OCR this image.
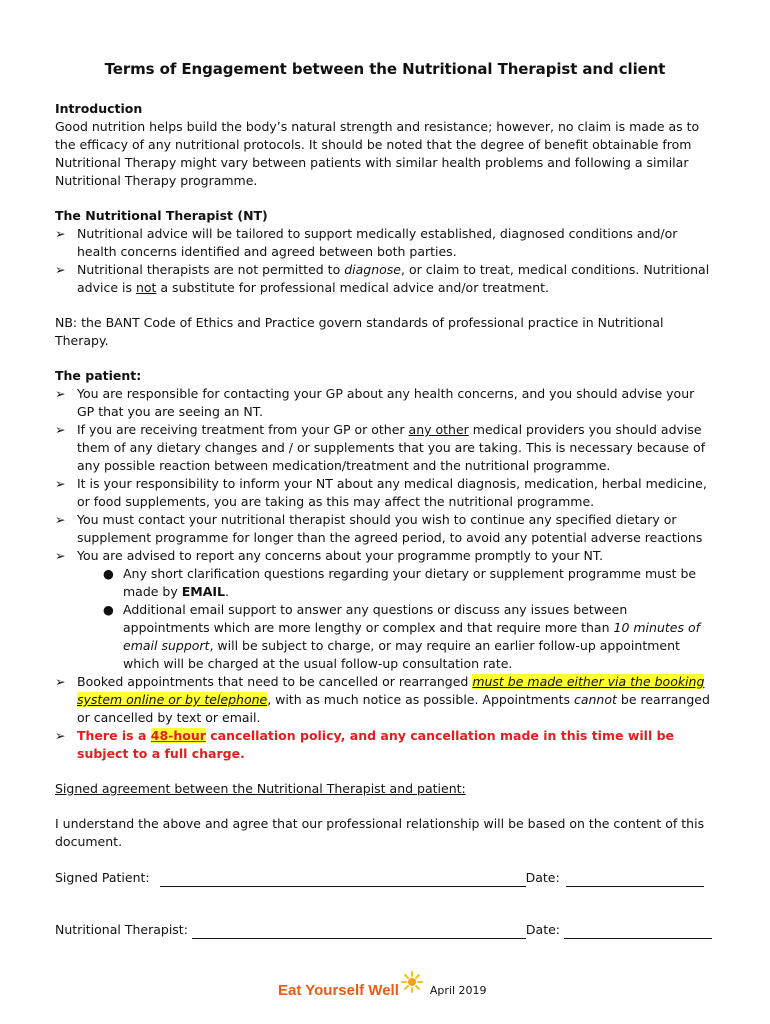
Terms of Engagement between the Nutritional Therapist and client

Introduction

Good nutrition helps build the body’s natural strength and resistance; however, no claim is made as to the efficacy of any nutritional protocols. It should be noted that the degree of benefit obtainable from Nutritional Therapy might vary between patients with similar health problems and following a similar Nutritional Therapy programme.

The Nutritional Therapist (NT)

➢ Nutritional advice will be tailored to support medically established, diagnosed conditions and/or health concerns identified and agreed between both parties.
➢ Nutritional therapists are not permitted to diagnose, or claim to treat, medical conditions. Nutritional advice is not a substitute for professional medical advice and/or treatment.

NB: the BANT Code of Ethics and Practice govern standards of professional practice in Nutritional Therapy.

The patient:

➢ You are responsible for contacting your GP about any health concerns, and you should advise your GP that you are seeing an NT.
➢ If you are receiving treatment from your GP or other any other medical providers you should advise them of any dietary changes and / or supplements that you are taking. This is necessary because of any possible reaction between medication/treatment and the nutritional programme.
➢ It is your responsibility to inform your NT about any medical diagnosis, medication, herbal medicine, or food supplements, you are taking as this may affect the nutritional programme.
➢ You must contact your nutritional therapist should you wish to continue any specified dietary or supplement programme for longer than the agreed period, to avoid any potential adverse reactions
➢ You are advised to report any concerns about your programme promptly to your NT.
● Any short clarification questions regarding your dietary or supplement programme must be made by EMAIL.
● Additional email support to answer any questions or discuss any issues between appointments which are more lengthy or complex and that require more than 10 minutes of email support, will be subject to charge, or may require an earlier follow-up appointment which will be charged at the usual follow-up consultation rate.
➢ Booked appointments that need to be cancelled or rearranged must be made either via the booking system online or by telephone, with as much notice as possible. Appointments cannot be rearranged or cancelled by text or email.
➢ There is a 48-hour cancellation policy, and any cancellation made in this time will be subject to a full charge.

Signed agreement between the Nutritional Therapist and patient:

I understand the above and agree that our professional relationship will be based on the content of this document.

Signed Patient:	Date:
Nutritional Therapist:	Date:
Eat Yourself Well	April 2019
